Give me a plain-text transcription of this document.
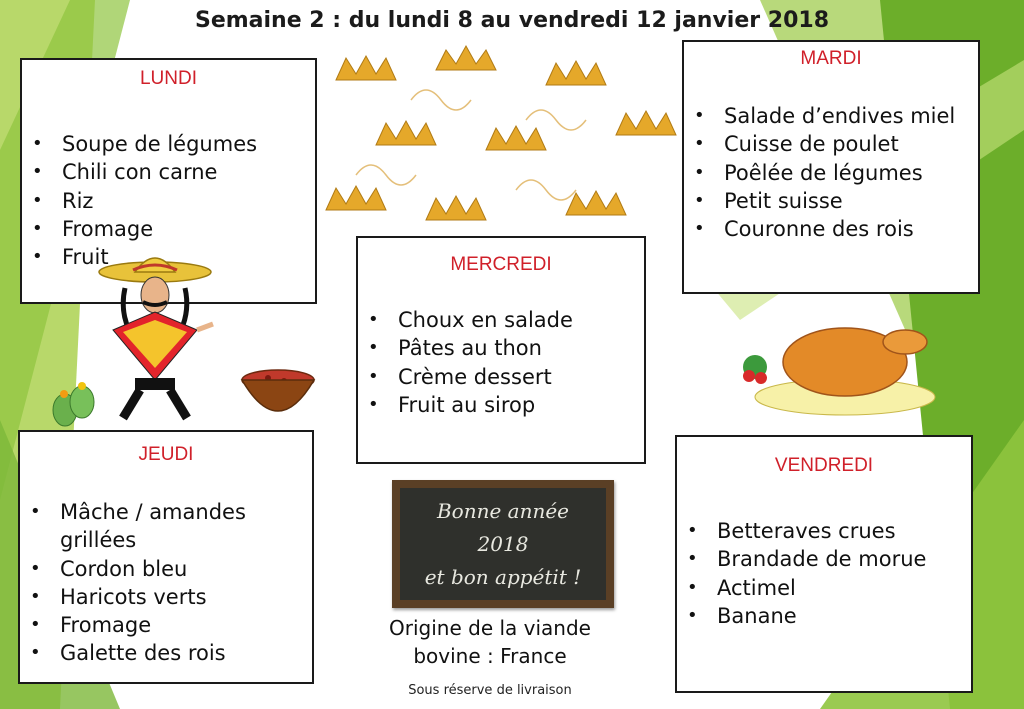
Semaine 2 : du lundi 8 au vendredi 12 janvier 2018
LUNDI
• Soupe de légumes
• Chili con carne
• Riz
• Fromage
• Fruit
MARDI
• Salade d’endives miel
• Cuisse de poulet
• Poêlée de légumes
• Petit suisse
• Couronne des rois
MERCREDI
• Choux en salade
• Pâtes au thon
• Crème dessert
• Fruit au sirop
JEUDI
• Mâche / amandes grillées
• Cordon bleu
• Haricots verts
• Fromage
• Galette des rois
Bonne année
2018
et bon appétit !
Origine de la viande
bovine : France
VENDREDI
• Betteraves crues
• Brandade de morue
• Actimel
• Banane
Sous réserve de livraison
